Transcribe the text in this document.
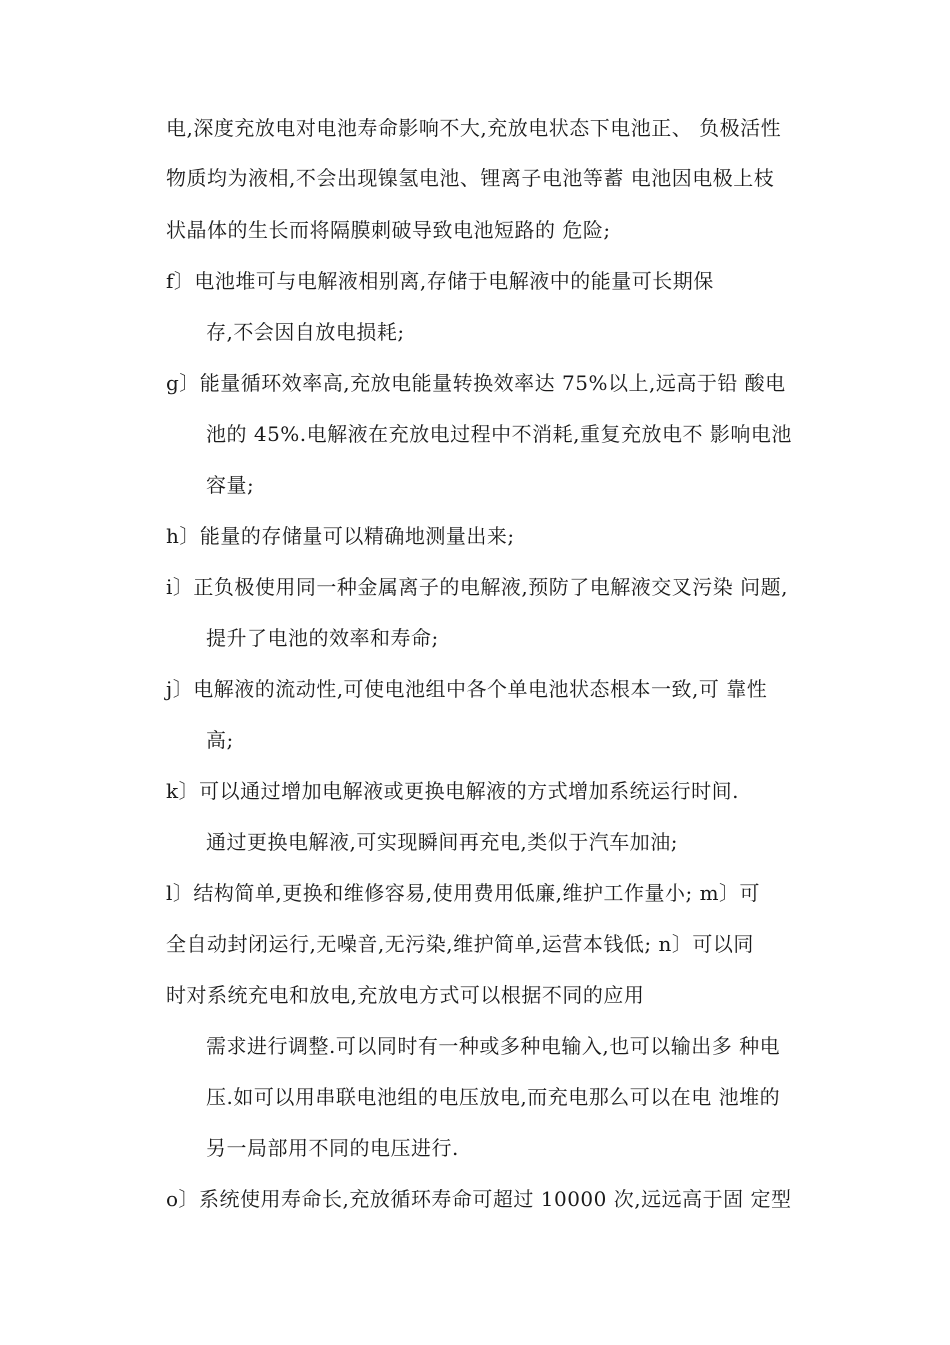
电,深度充放电对电池寿命影响不大,充放电状态下电池正、 负极活性

物质均为液相,不会出现镍氢电池、锂离子电池等蓄 电池因电极上枝

状晶体的生长而将隔膜刺破导致电池短路的 危险;

f〕电池堆可与电解液相别离,存储于电解液中的能量可长期保

存,不会因自放电损耗;

g〕能量循环效率高,充放电能量转换效率达 75%以上,远高于铅 酸电

池的 45%.电解液在充放电过程中不消耗,重复充放电不 影响电池

容量;

h〕能量的存储量可以精确地测量出来;

i〕正负极使用同一种金属离子的电解液,预防了电解液交叉污染 问题,

提升了电池的效率和寿命;

j〕电解液的流动性,可使电池组中各个单电池状态根本一致,可 靠性

高;

k〕可以通过增加电解液或更换电解液的方式增加系统运行时间.

通过更换电解液,可实现瞬间再充电,类似于汽车加油;

l〕结构简单,更换和维修容易,使用费用低廉,维护工作量小; m〕可

全自动封闭运行,无噪音,无污染,维护简单,运营本钱低; n〕可以同

时对系统充电和放电,充放电方式可以根据不同的应用

需求进行调整.可以同时有一种或多种电输入,也可以输出多 种电

压.如可以用串联电池组的电压放电,而充电那么可以在电 池堆的

另一局部用不同的电压进行.

o〕系统使用寿命长,充放循环寿命可超过 10000 次,远远高于固 定型
